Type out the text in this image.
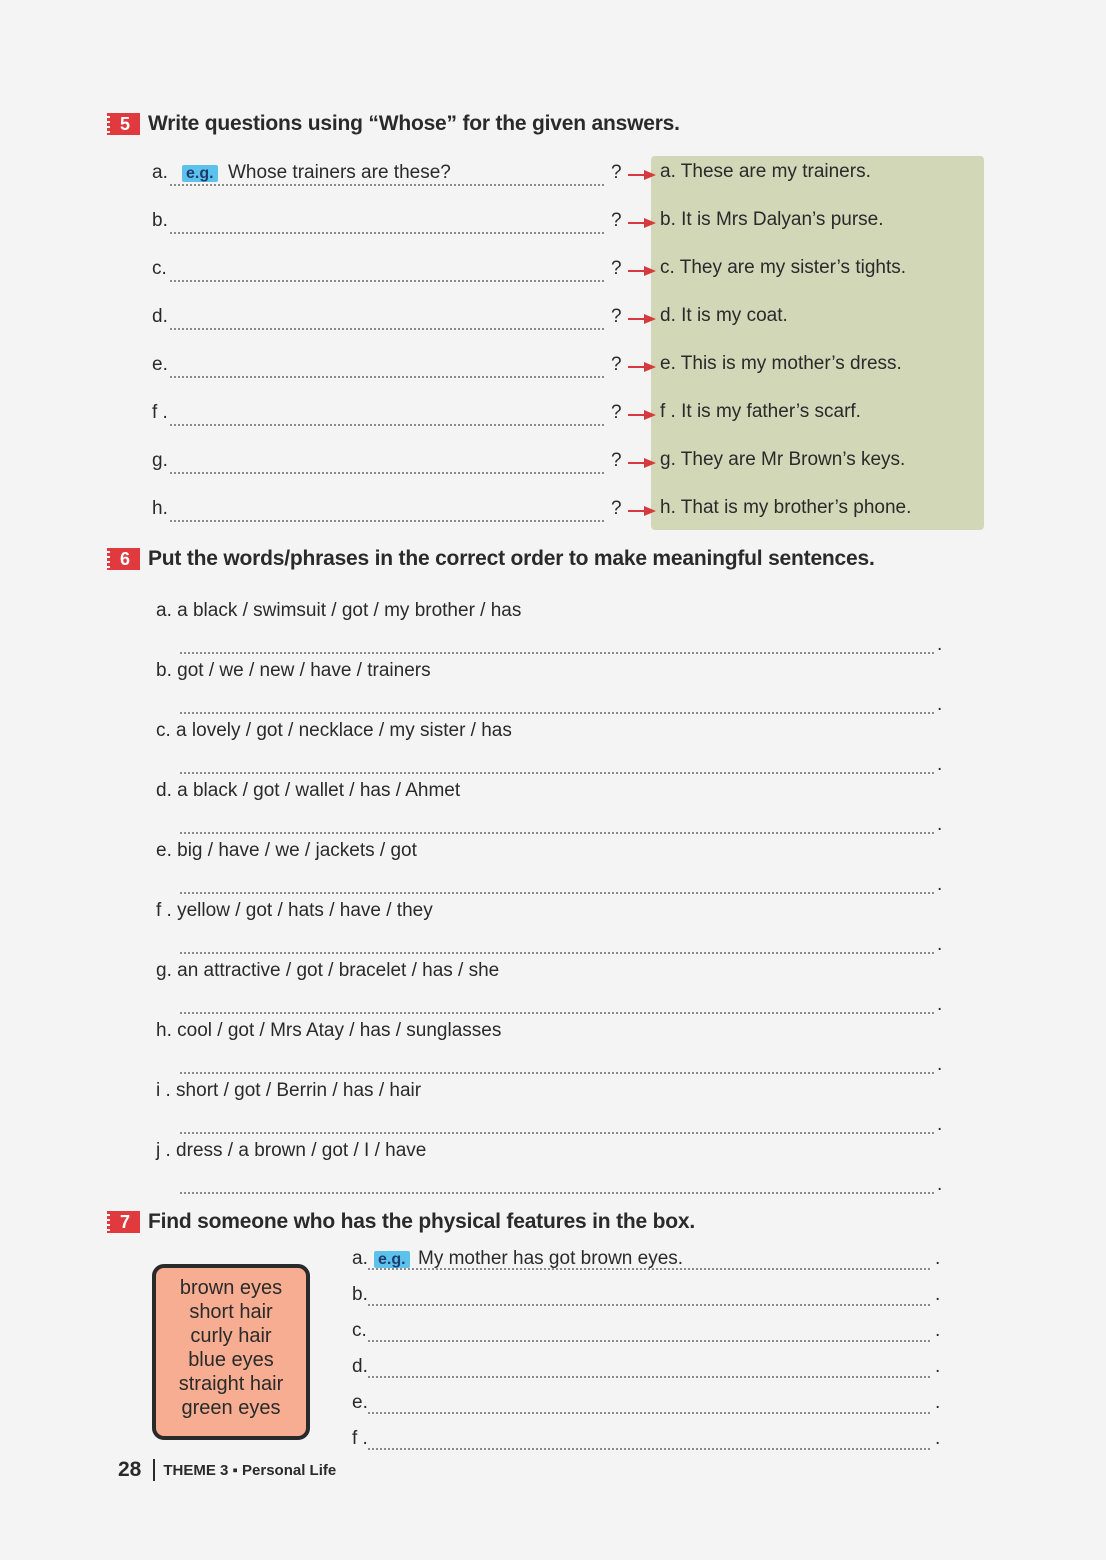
5 Write questions using “Whose” for the given answers.
a. e.g. Whose trainers are these?	? a. These are my trainers.
b.	? b. It is Mrs Dalyan’s purse.
c.	? c. They are my sister’s tights.
d.	? d. It is my coat.
e.	? e. This is my mother’s dress.
f .	? f . It is my father’s scarf.
g.	? g. They are Mr Brown’s keys.
h.	? h. That is my brother’s phone.
6 Put the words/phrases in the correct order to make meaningful sentences.
a. a black / swimsuit / got / my brother / has
.
b. got / we / new / have / trainers
.
c. a lovely / got / necklace / my sister / has
.
d. a black / got / wallet / has / Ahmet
.
e. big / have / we / jackets / got
.
f . yellow / got / hats / have / they
.
g. an attractive / got / bracelet / has / she
.
h. cool / got / Mrs Atay / has / sunglasses
.
i . short / got / Berrin / has / hair
.
j . dress / a brown / got / I / have
.
7 Find someone who has the physical features in the box.
brown eyes
short hair
curly hair
blue eyes
straight hair
green eyes
a. e.g. My mother has got brown eyes.	.
b.	.
c.	.
d.	.
e.	.
f .	.
28 THEME 3 ▪ Personal Life
